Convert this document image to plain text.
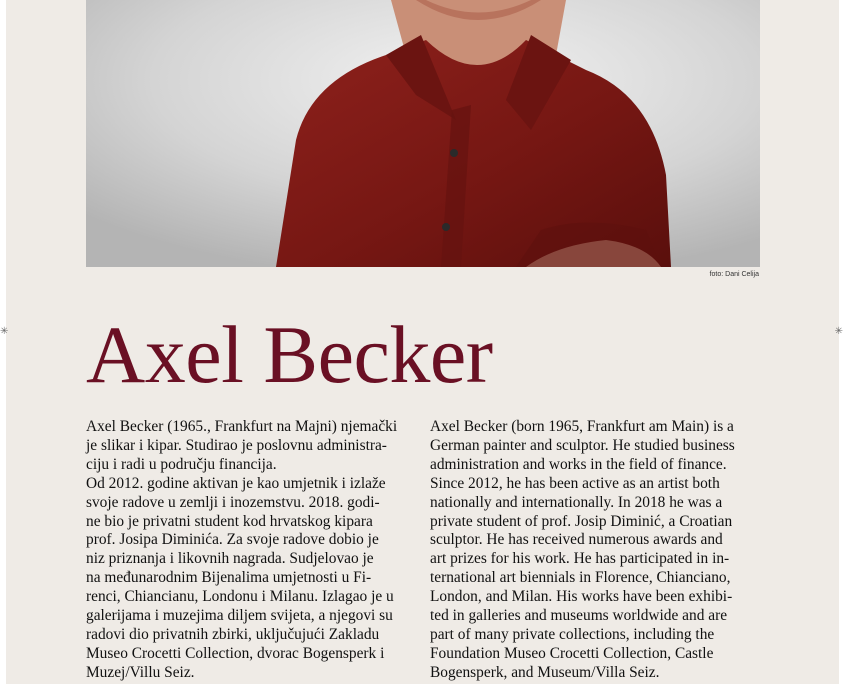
✳	✳
foto: Dani Celija
Axel Becker
Axel Becker (1965., Frankfurt na Majni) njemački
je slikar i kipar. Studirao je poslovnu administra-
ciju i radi u području financija.
Od 2012. godine aktivan je kao umjetnik i izlaže
svoje radove u zemlji i inozemstvu. 2018. godi-
ne bio je privatni student kod hrvatskog kipara
prof. Josipa Diminića. Za svoje radove dobio je
niz priznanja i likovnih nagrada. Sudjelovao je
na međunarodnim Bijenalima umjetnosti u Fi-
renci, Chiancianu, Londonu i Milanu. Izlagao je u
galerijama i muzejima diljem svijeta, a njegovi su
radovi dio privatnih zbirki, uključujući Zakladu
Museo Crocetti Collection, dvorac Bogensperk i
Muzej/Villu Seiz.
Axel Becker (born 1965, Frankfurt am Main) is a
German painter and sculptor. He studied business
administration and works in the field of finance.
Since 2012, he has been active as an artist both
nationally and internationally. In 2018 he was a
private student of prof. Josip Diminić, a Croatian
sculptor. He has received numerous awards and
art prizes for his work. He has participated in in-
ternational art biennials in Florence, Chianciano,
London, and Milan. His works have been exhibi-
ted in galleries and museums worldwide and are
part of many private collections, including the
Foundation Museo Crocetti Collection, Castle
Bogensperk, and Museum/Villa Seiz.
